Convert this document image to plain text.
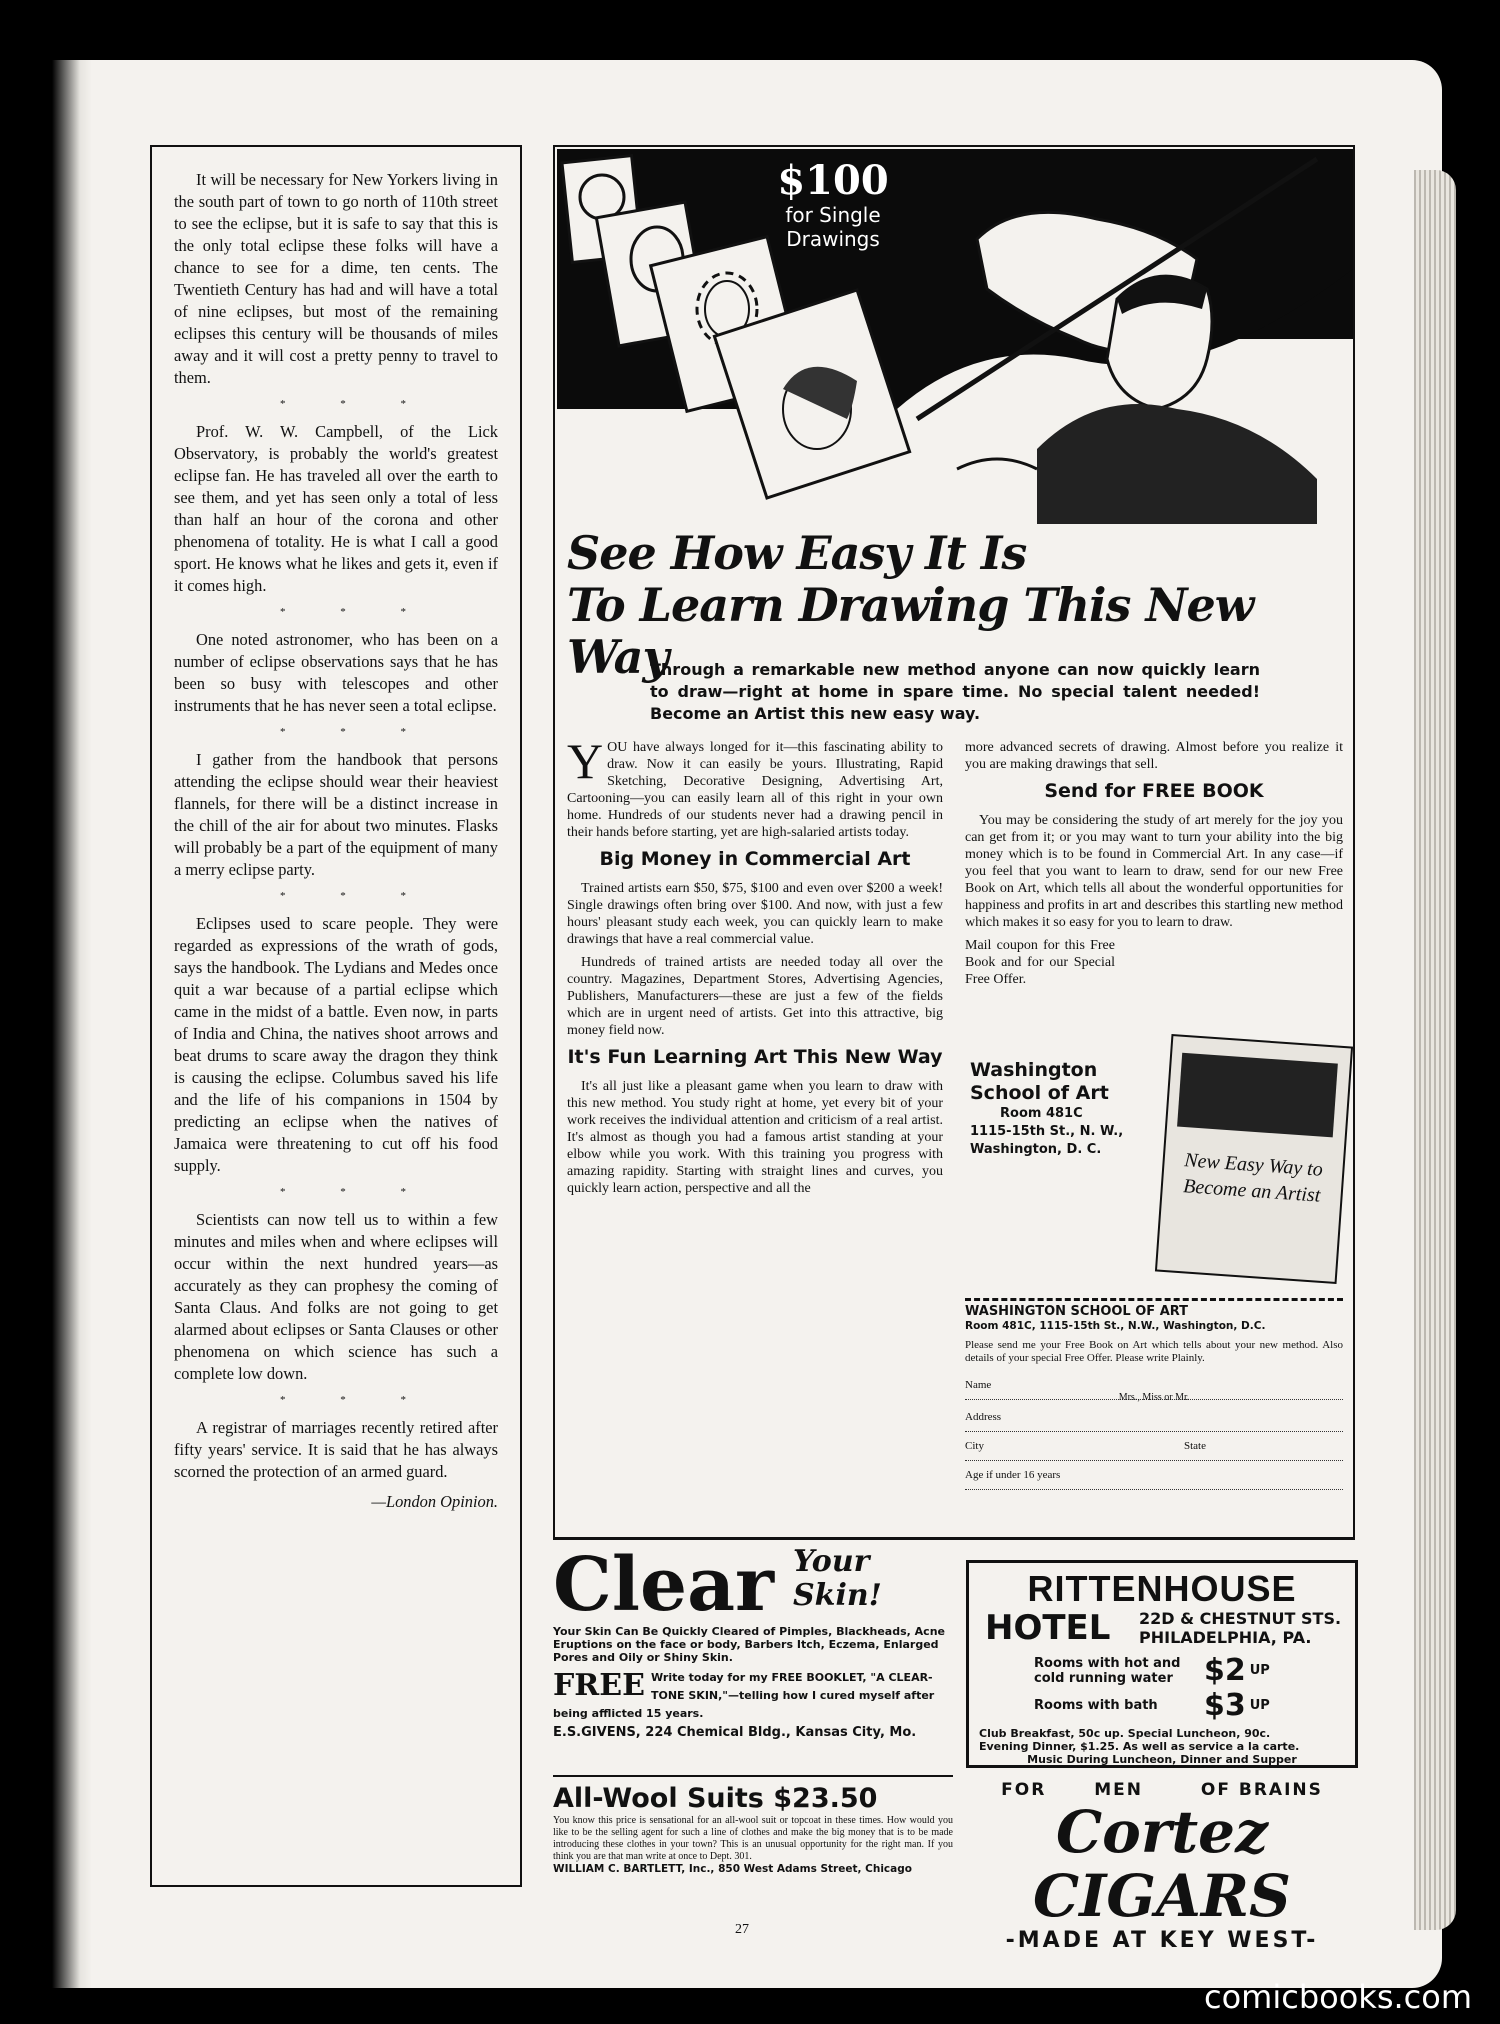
It will be necessary for New Yorkers living in the south part of town to go north of 110th street to see the eclipse, but it is safe to say that this is the only total eclipse these folks will have a chance to see for a dime, ten cents. The Twentieth Century has had and will have a total of nine eclipses, but most of the remaining eclipses this century will be thousands of miles away and it will cost a pretty penny to travel to them.

* * *

Prof. W. W. Campbell, of the Lick Observatory, is probably the world's greatest eclipse fan. He has traveled all over the earth to see them, and yet has seen only a total of less than half an hour of the corona and other phenomena of totality. He is what I call a good sport. He knows what he likes and gets it, even if it comes high.

* * *

One noted astronomer, who has been on a number of eclipse observations says that he has been so busy with telescopes and other instruments that he has never seen a total eclipse.

* * *

I gather from the handbook that persons attending the eclipse should wear their heaviest flannels, for there will be a distinct increase in the chill of the air for about two minutes. Flasks will probably be a part of the equipment of many a merry eclipse party.

* * *

Eclipses used to scare people. They were regarded as expressions of the wrath of gods, says the handbook. The Lydians and Medes once quit a war because of a partial eclipse which came in the midst of a battle. Even now, in parts of India and China, the natives shoot arrows and beat drums to scare away the dragon they think is causing the eclipse. Columbus saved his life and the life of his companions in 1504 by predicting an eclipse when the natives of Jamaica were threatening to cut off his food supply.

* * *

Scientists can now tell us to within a few minutes and miles when and where eclipses will occur within the next hundred years—as accurately as they can prophesy the coming of Santa Claus. And folks are not going to get alarmed about eclipses or Santa Clauses or other phenomena on which science has such a complete low down.

* * *

A registrar of marriages recently retired after fifty years' service. It is said that he has always scorned the protection of an armed guard.

—London Opinion.
$100
for Single Drawings
See How Easy It Is
To Learn Drawing This New Way
Through a remarkable new method anyone can now quickly learn to draw—right at home in spare time. No special talent needed! Become an Artist this new easy way.

YOU have always longed for it—this fascinating ability to draw. Now it can easily be yours. Illustrating, Rapid Sketching, Decorative Designing, Advertising Art, Cartooning—you can easily learn all of this right in your own home. Hundreds of our students never had a drawing pencil in their hands before starting, yet are high-salaried artists today.

Big Money in Commercial Art

Trained artists earn $50, $75, $100 and even over $200 a week! Single drawings often bring over $100. And now, with just a few hours' pleasant study each week, you can quickly learn to make drawings that have a real commercial value.

Hundreds of trained artists are needed today all over the country. Magazines, Department Stores, Advertising Agencies, Publishers, Manufacturers—these are just a few of the fields which are in urgent need of artists. Get into this attractive, big money field now.

It's Fun Learning Art This New Way

It's all just like a pleasant game when you learn to draw with this new method. You study right at home, yet every bit of your work receives the individual attention and criticism of a real artist. It's almost as though you had a famous artist standing at your elbow while you work. With this training you progress with amazing rapidity. Starting with straight lines and curves, you quickly learn action, perspective and all the

more advanced secrets of drawing. Almost before you realize it you are making drawings that sell.

Send for FREE BOOK

You may be considering the study of art merely for the joy you can get from it; or you may want to turn your ability into the big money which is to be found in Commercial Art. In any case—if you feel that you want to learn to draw, send for our new Free Book on Art, which tells all about the wonderful opportunities for happiness and profits in art and describes this startling new method which makes it so easy for you to learn to draw.

Mail coupon for this Free Book and for our Special Free Offer.

New Easy Way to Become an Artist
Washington
School of Art
Room 481C
1115-15th St., N. W.,
Washington, D. C.
WASHINGTON SCHOOL OF ART
Room 481C, 1115-15th St., N.W., Washington, D.C.
Please send me your Free Book on Art which tells about your new method. Also details of your special Free Offer. Please write Plainly.
Name
Mrs., Miss or Mr.
Address
City	State
Age if under 16 years
Clear Your
Skin!
Your Skin Can Be Quickly Cleared of Pimples, Blackheads, Acne Eruptions on the face or body, Barbers Itch, Eczema, Enlarged Pores and Oily or Shiny Skin.
FREE Write today for my FREE BOOKLET, "A CLEAR-TONE SKIN,"—telling how I cured myself after being afflicted 15 years.
E.S.GIVENS, 224 Chemical Bldg., Kansas City, Mo.
RITTENHOUSE
HOTEL 22D & CHESTNUT STS.
PHILADELPHIA, PA.
Rooms with hot and cold running water	$2 UP
Rooms with bath	$3 UP
Club Breakfast, 50c up. Special Luncheon, 90c.
Evening Dinner, $1.25. As well as service a la carte.
Music During Luncheon, Dinner and Supper
All-Wool Suits $23.50
You know this price is sensational for an all-wool suit or topcoat in these times. How would you like to be the selling agent for such a line of clothes and make the big money that is to be made introducing these clothes in your town? This is an unusual opportunity for the right man. If you think you are that man write at once to Dept. 301.
WILLIAM C. BARTLETT, Inc., 850 West Adams Street, Chicago
FOR	MEN	OF BRAINS
Cortez CIGARS
-MADE AT KEY WEST-
27
comicbooks.com
